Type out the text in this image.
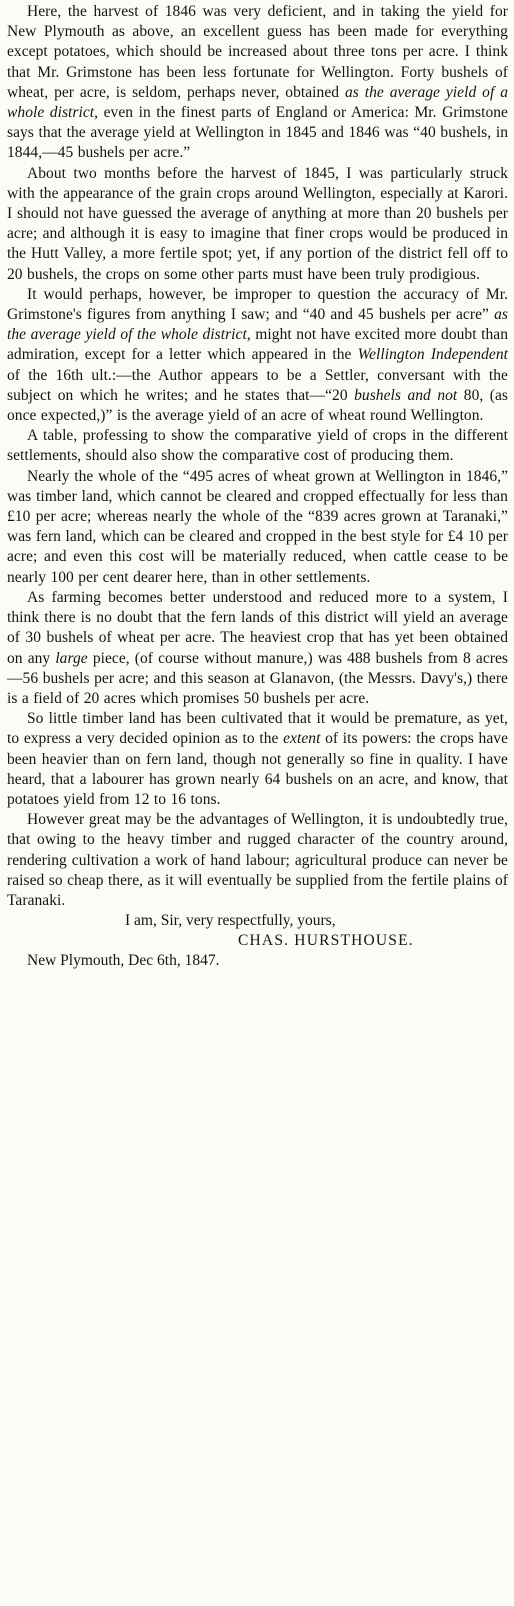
Here, the harvest of 1846 was very deficient, and in taking the yield for New Plymouth as above, an excellent guess has been made for everything except potatoes, which should be increased about three tons per acre. I think that Mr. Grimstone has been less fortunate for Wellington. Forty bushels of wheat, per acre, is seldom, perhaps never, obtained as the average yield of a whole district, even in the finest parts of England or America: Mr. Grimstone says that the average yield at Wellington in 1845 and 1846 was “40 bushels, in 1844,—45 bushels per acre.”

About two months before the harvest of 1845, I was particularly struck with the appearance of the grain crops around Wellington, especially at Karori. I should not have guessed the average of anything at more than 20 bushels per acre; and although it is easy to imagine that finer crops would be produced in the Hutt Valley, a more fertile spot; yet, if any portion of the district fell off to 20 bushels, the crops on some other parts must have been truly prodigious.

It would perhaps, however, be improper to question the accuracy of Mr. Grimstone's figures from anything I saw; and “40 and 45 bushels per acre” as the average yield of the whole district, might not have excited more doubt than admiration, except for a letter which appeared in the Wellington Independent of the 16th ult.:—the Author appears to be a Settler, conversant with the subject on which he writes; and he states that—“20 bushels and not 80, (as once expected,)” is the average yield of an acre of wheat round Wellington.

A table, professing to show the comparative yield of crops in the different settlements, should also show the comparative cost of producing them.

Nearly the whole of the “495 acres of wheat grown at Wellington in 1846,” was timber land, which cannot be cleared and cropped effectually for less than £10 per acre; whereas nearly the whole of the “839 acres grown at Taranaki,” was fern land, which can be cleared and cropped in the best style for £4 10 per acre; and even this cost will be materially reduced, when cattle cease to be nearly 100 per cent dearer here, than in other settlements.

As farming becomes better understood and reduced more to a system, I think there is no doubt that the fern lands of this district will yield an average of 30 bushels of wheat per acre. The heaviest crop that has yet been obtained on any large piece, (of course without manure,) was 488 bushels from 8 acres—56 bushels per acre; and this season at Glanavon, (the Messrs. Davy's,) there is a field of 20 acres which promises 50 bushels per acre.

So little timber land has been cultivated that it would be premature, as yet, to express a very decided opinion as to the extent of its powers: the crops have been heavier than on fern land, though not generally so fine in quality. I have heard, that a labourer has grown nearly 64 bushels on an acre, and know, that potatoes yield from 12 to 16 tons.

However great may be the advantages of Wellington, it is undoubtedly true, that owing to the heavy timber and rugged character of the country around, rendering cultivation a work of hand labour; agricultural produce can never be raised so cheap there, as it will eventually be supplied from the fertile plains of Taranaki.

I am, Sir, very respectfully, yours,
CHAS. HURSTHOUSE.
New Plymouth, Dec 6th, 1847.
